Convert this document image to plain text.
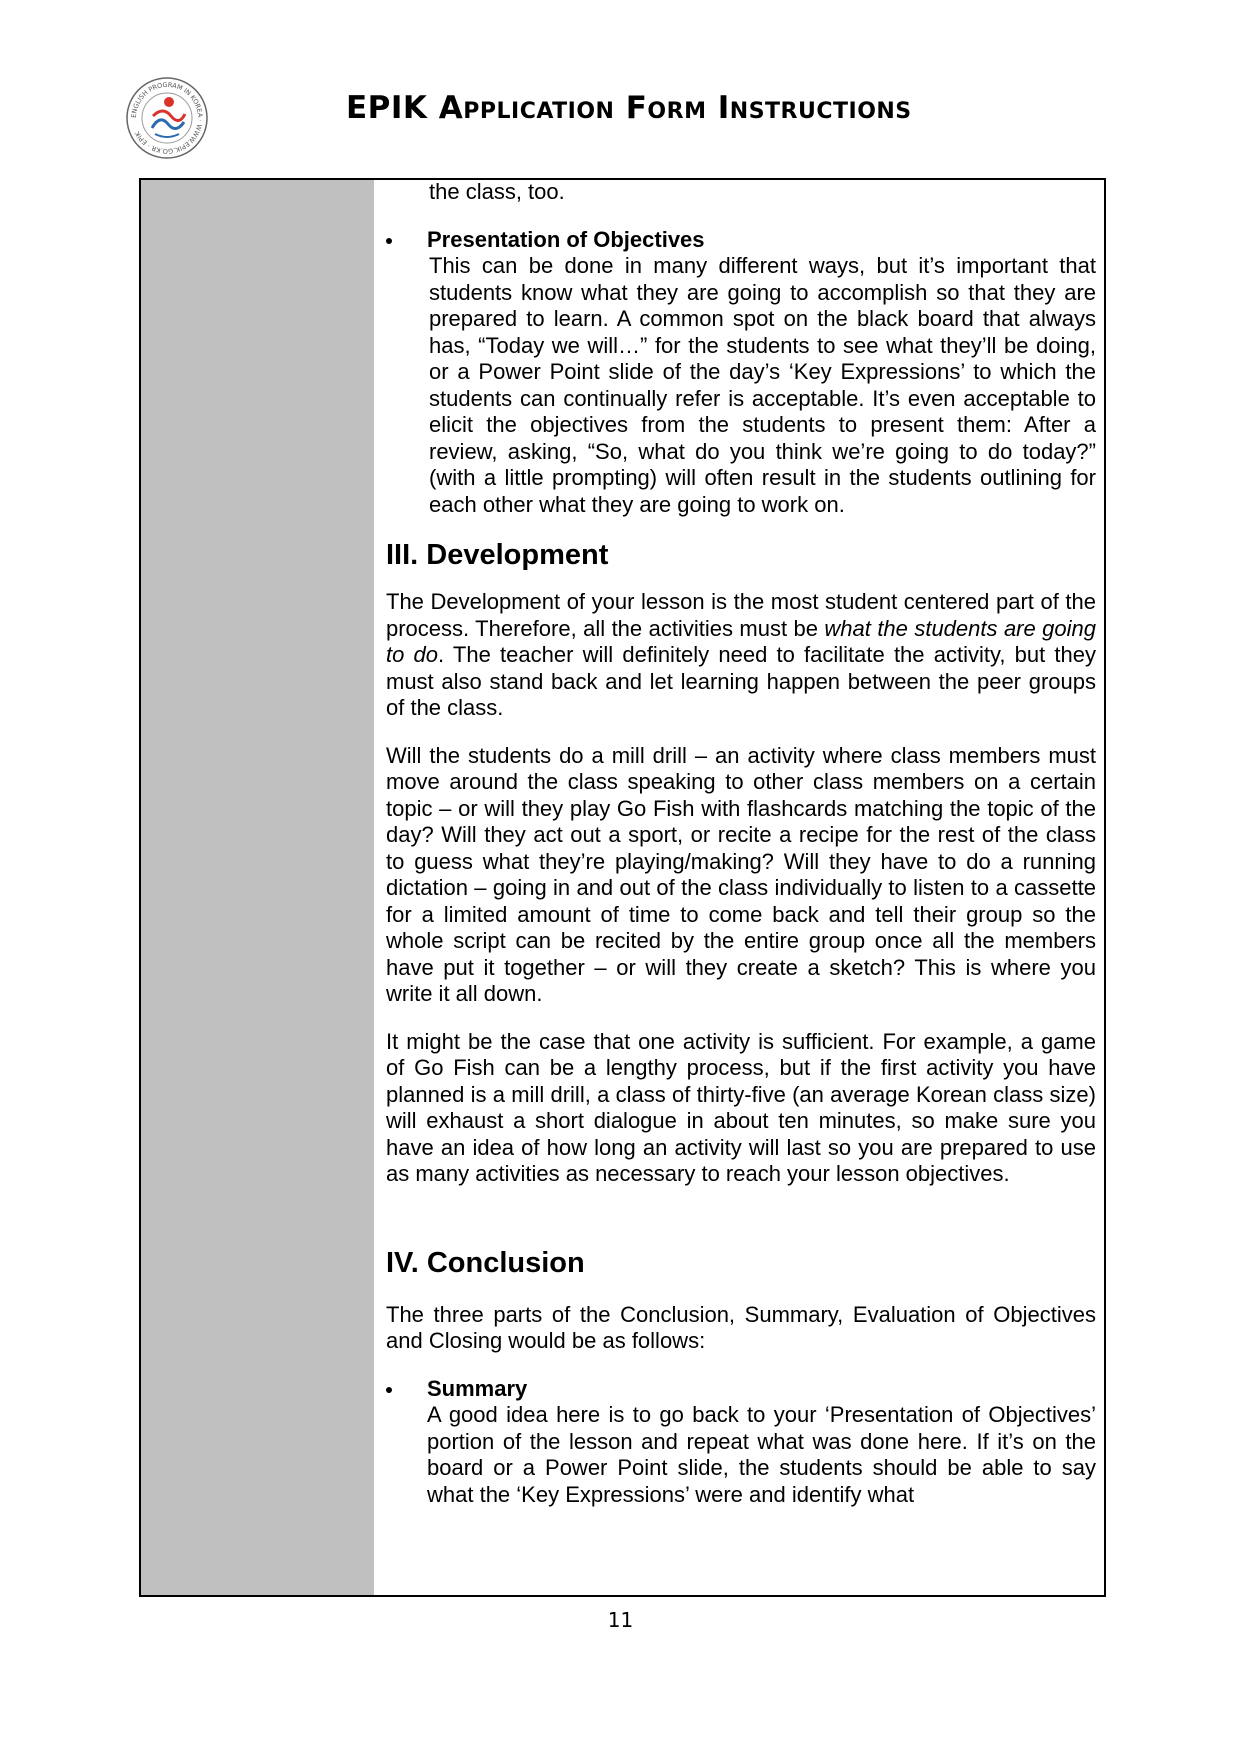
ENGLISH PROGRAM IN KOREA · WWW.EPIK.GO.KR · EPIK
EPIK Application Form Instructions

the class, too.

Presentation of Objectives

This can be done in many different ways, but it’s important that students know what they are going to accomplish so that they are prepared to learn. A common spot on the black board that always has, “Today we will…” for the students to see what they’ll be doing, or a Power Point slide of the day’s ‘Key Expressions’ to which the students can continually refer is acceptable. It’s even acceptable to elicit the objectives from the students to present them: After a review, asking, “So, what do you think we’re going to do today?” (with a little prompting) will often result in the students outlining for each other what they are going to work on.

III. Development

The Development of your lesson is the most student centered part of the process. Therefore, all the activities must be what the students are going to do. The teacher will definitely need to facilitate the activity, but they must also stand back and let learning happen between the peer groups of the class.

Will the students do a mill drill – an activity where class members must move around the class speaking to other class members on a certain topic – or will they play Go Fish with flashcards matching the topic of the day? Will they act out a sport, or recite a recipe for the rest of the class to guess what they’re playing/making? Will they have to do a running dictation – going in and out of the class individually to listen to a cassette for a limited amount of time to come back and tell their group so the whole script can be recited by the entire group once all the members have put it together – or will they create a sketch? This is where you write it all down.

It might be the case that one activity is sufficient. For example, a game of Go Fish can be a lengthy process, but if the first activity you have planned is a mill drill, a class of thirty-five (an average Korean class size) will exhaust a short dialogue in about ten minutes, so make sure you have an idea of how long an activity will last so you are prepared to use as many activities as necessary to reach your lesson objectives.

IV. Conclusion

The three parts of the Conclusion, Summary, Evaluation of Objectives and Closing would be as follows:

Summary

A good idea here is to go back to your ‘Presentation of Objectives’ portion of the lesson and repeat what was done here. If it’s on the board or a Power Point slide, the students should be able to say what the ‘Key Expressions’ were and identify what

11
